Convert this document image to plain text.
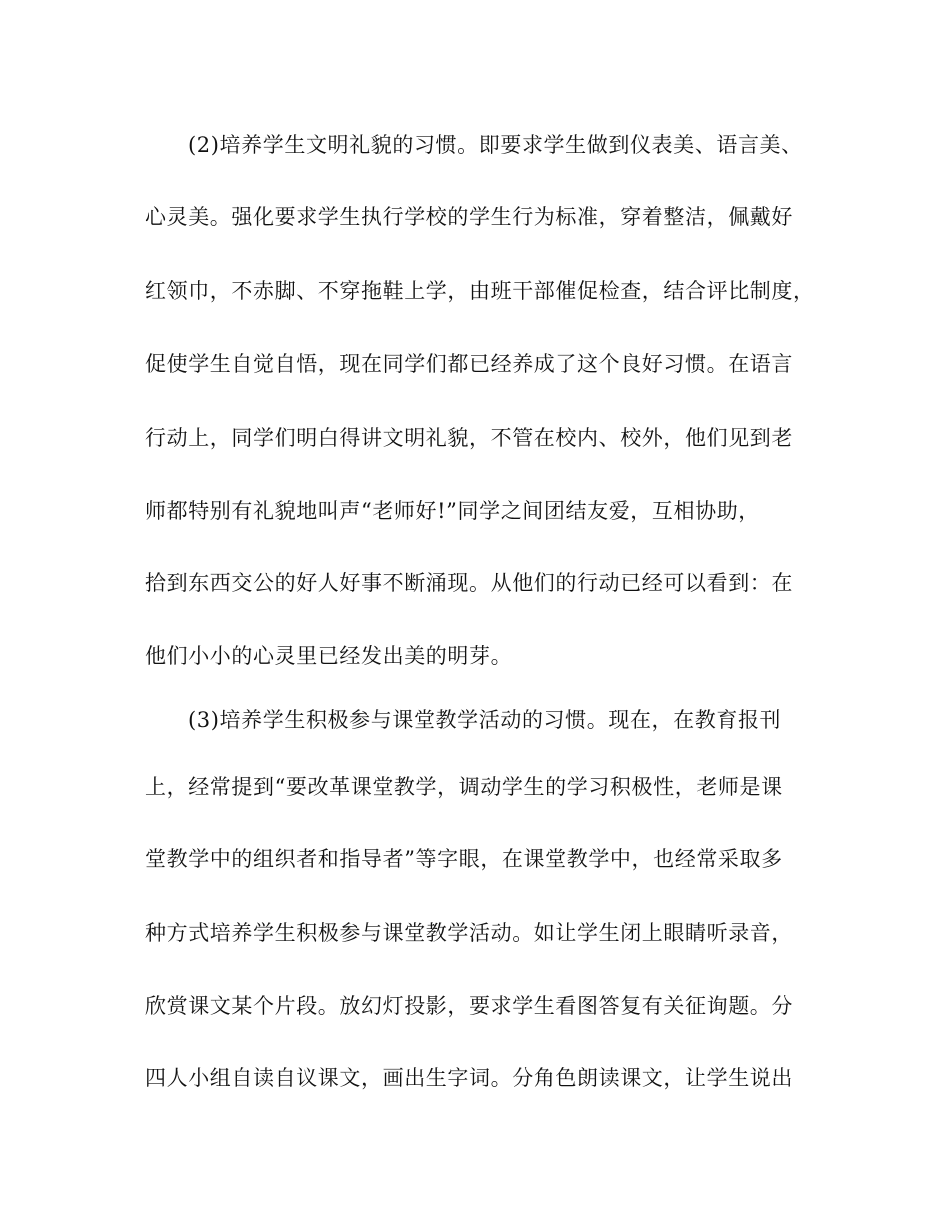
(2)培养学生文明礼貌的习惯。即要求学生做到仪表美、语言美、
心灵美。强化要求学生执行学校的学生行为标准，穿着整洁，佩戴好
红领巾，不赤脚、不穿拖鞋上学，由班干部催促检查，结合评比制度，
促使学生自觉自悟，现在同学们都已经养成了这个良好习惯。在语言
行动上，同学们明白得讲文明礼貌，不管在校内、校外，他们见到老
师都特别有礼貌地叫声“老师好!”同学之间团结友爱，互相协助，
拾到东西交公的好人好事不断涌现。从他们的行动已经可以看到：在
他们小小的心灵里已经发出美的明芽。
(3)培养学生积极参与课堂教学活动的习惯。现在，在教育报刊
上，经常提到“要改革课堂教学，调动学生的学习积极性，老师是课
堂教学中的组织者和指导者”等字眼，在课堂教学中，也经常采取多
种方式培养学生积极参与课堂教学活动。如让学生闭上眼睛听录音，
欣赏课文某个片段。放幻灯投影，要求学生看图答复有关征询题。分
四人小组自读自议课文，画出生字词。分角色朗读课文，让学生说出
